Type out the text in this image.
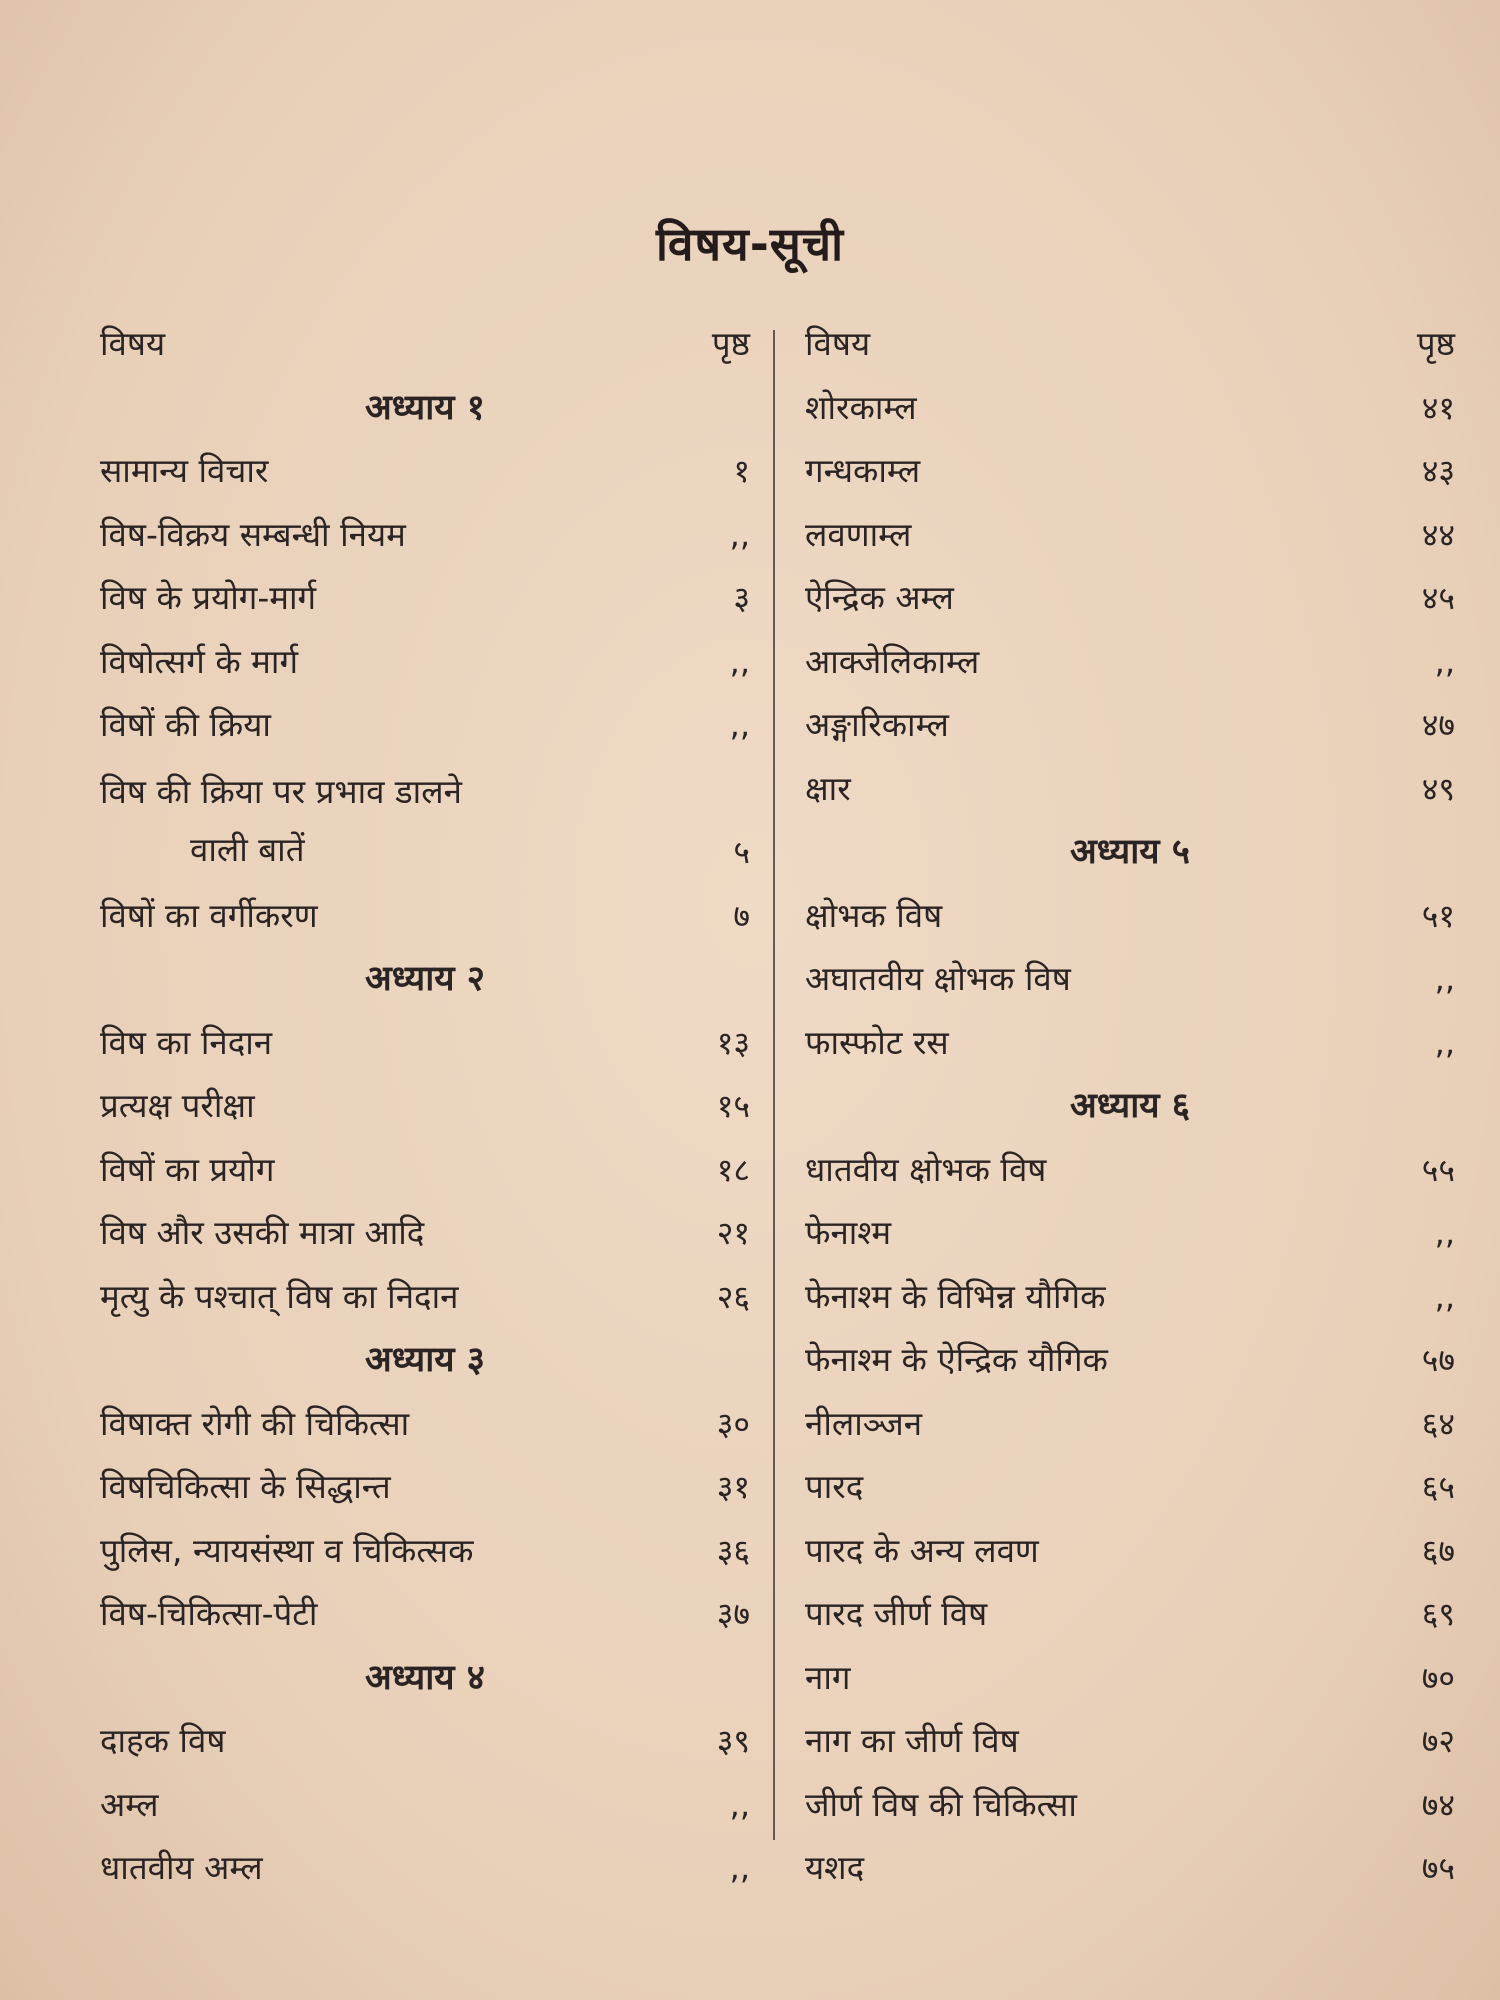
विषय-सूची
विषय	पृष्ठ
अध्याय १
सामान्य विचार	१
विष-विक्रय सम्बन्धी नियम	,,
विष के प्रयोग-मार्ग	३
विषोत्सर्ग के मार्ग	,,
विषों की क्रिया	,,
विष की क्रिया पर प्रभाव डालने
वाली बातें	५
विषों का वर्गीकरण	७
अध्याय २
विष का निदान	१३
प्रत्यक्ष परीक्षा	१५
विषों का प्रयोग	१८
विष और उसकी मात्रा आदि	२१
मृत्यु के पश्चात् विष का निदान	२६
अध्याय ३
विषाक्त रोगी की चिकित्सा	३०
विषचिकित्सा के सिद्धान्त	३१
पुलिस, न्यायसंस्था व चिकित्सक	३६
विष-चिकित्सा-पेटी	३७
अध्याय ४
दाहक विष	३९
अम्ल	,,
धातवीय अम्ल	,,
विषय	पृष्ठ
शोरकाम्ल	४१
गन्धकाम्ल	४३
लवणाम्ल	४४
ऐन्द्रिक अम्ल	४५
आक्जेलिकाम्ल	,,
अङ्गारिकाम्ल	४७
क्षार	४९
अध्याय ५
क्षोभक विष	५१
अघातवीय क्षोभक विष	,,
फास्फोट रस	,,
अध्याय ६
धातवीय क्षोभक विष	५५
फेनाश्म	,,
फेनाश्म के विभिन्न यौगिक	,,
फेनाश्म के ऐन्द्रिक यौगिक	५७
नीलाञ्जन	६४
पारद	६५
पारद के अन्य लवण	६७
पारद जीर्ण विष	६९
नाग	७०
नाग का जीर्ण विष	७२
जीर्ण विष की चिकित्सा	७४
यशद	७५
